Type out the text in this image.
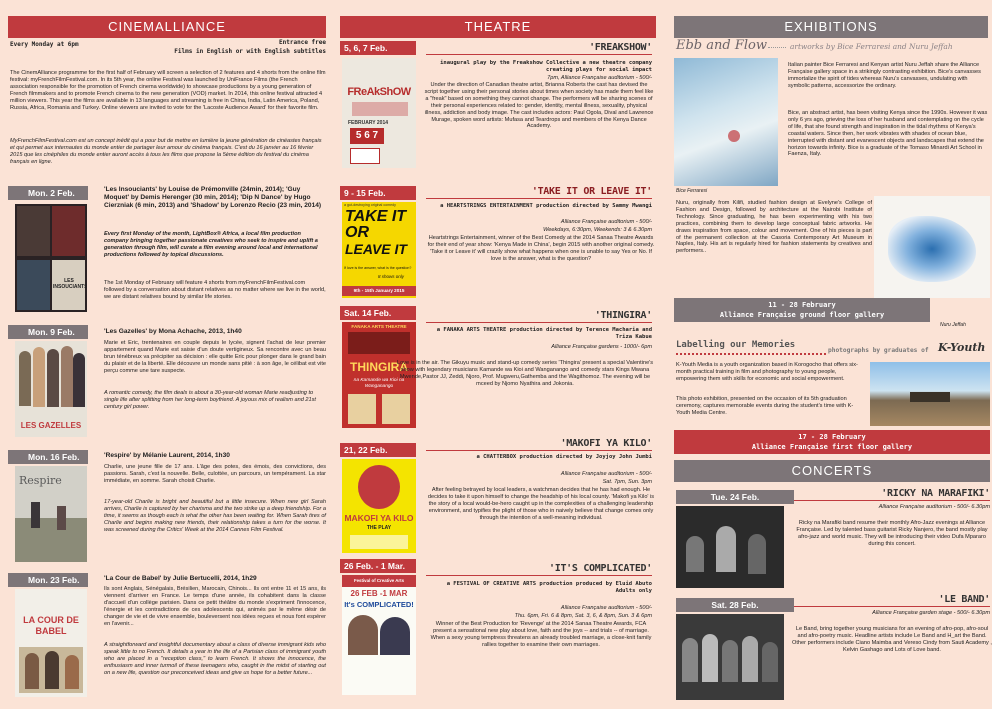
CINEMALLIANCE
Every Monday at 6pm	Entrance free
Films in English or with English subtitles
The CinemAlliance programme for the first half of February will screen a selection of 2 features and 4 shorts from the online film festival: myFrenchFilmFestival.com. In its 5th year, the online Festival was launched by UniFrance Films (the French association responsible for the promotion of French cinema worldwide) to showcase productions by a young generation of French filmmakers and to promote French cinema to the new generation (VOD) market. In 2014, this online festival attracted 4 million viewers. This year the films are available in 13 languages and streaming is free in China, India, Latin America, Poland, Russia, Africa, Romania and Turkey. Online viewers are invited to vote for the 'Lacoste Audience Award' for their favorite film.
MyFrenchFilmFestival.com est un concept inédit qui a pour but de mettre en lumière la jeune génération de cinéastes français et qui permet aux internautes du monde entier de partager leur amour du cinéma français. C'est du 16 janvier au 16 février 2015 que les cinéphiles du monde entier auront accès à tous les films que propose la 5ème édition du festival du cinéma français en ligne.
Mon. 2 Feb.
LES INSOUCIANTS
'Les Insouciants' by Louise de Prémonville (24min, 2014); 'Guy Moquet' by Demis Herenger (30 min, 2014); 'Dip N Dance' by Hugo Cierzniak (6 min, 2013) and 'Shadow' by Lorenzo Recio (23 min, 2014)
Every first Monday of the month, LightBox® Africa, a local film production company bringing together passionate creatives who seek to inspire and uplift a generation through film, will curate a film evening around local and international productions followed by topical discussions.
The 1st Monday of February will feature 4 shorts from myFrenchFilmFestival.com followed by a conversation about distant relatives as no matter where we live in the world, we are distant relatives bound by similar life stories.
Mon. 9 Feb.
LES GAZELLES
'Les Gazelles' by Mona Achache, 2013, 1h40
Marie et Eric, trentenaires en couple depuis le lycée, signent l'achat de leur premier appartement quand Marie est saisie d'un doute vertigineux. Sa rencontre avec un beau brun ténébreux va précipiter sa décision : elle quitte Eric pour plonger dans le grand bain du plaisir et de la liberté. Elle découvre un monde sans pitié : à son âge, le célibat est vite perçu comme une tare suspecte.
A romantic comedy, the film deals is about a 30-year-old woman Marie readjusting to single life after splitting from her long-term boyfriend. A joyous mix of realism and 21st century girl power.
Mon. 16 Feb.
Respire
'Respire' by Mélanie Laurent, 2014, 1h30
Charlie, une jeune fille de 17 ans. L'âge des potes, des émois, des convictions, des passions. Sarah, c'est la nouvelle. Belle, culottée, un parcours, un tempérament. La star immédiate, en somme. Sarah choisit Charlie.
17-year-old Charlie is bright and beautiful but a little insecure. When new girl Sarah arrives, Charlie is captured by her charisma and the two strike up a deep friendship. For a time, it seems as though each is what the other has been waiting for. When Sarah tires of Charlie and begins making new friends, their relationship takes a turn for the worse. It was screened during the Critics' Week at the 2014 Cannes Film Festival.
Mon. 23 Feb.
LA COUR DE BABEL
'La Cour de Babel' by Julie Bertucelli, 2014, 1h29
Ils sont Anglais, Sénégalais, Brésilien, Marocain, Chinois... Ils ont entre 11 et 15 ans, ils viennent d'arriver en France. Le temps d'une année, ils cohabitent dans la classe d'accueil d'un collège parisien. Dans ce petit théâtre du monde s'expriment l'innocence, l'énergie et les contradictions de ces adolescents qui, animés par le même désir de changer de vie et de vivre ensemble, bouleversent nos idées reçues et nous font espérer en l'avenir...
A straightforward and insightful documentary about a class of diverse immigrant kids who speak little to no French. It details a year in the life of a Parisian class of immigrant youth who are placed in a "reception class," to learn French. It shows the innocence, the enthusiasm and inner turmoil of these teenagers who, caught in the midst of starting out on a new life, question our preconceived ideas and give us hope for a better future...
THEATRE
5, 6, 7 Feb.
FReAkShOW
FEBRUARY 2014
5 6 7
'FREAKSHOW'
inaugural play by the Freakshow Collective a new theatre company creating plays for social impact
7pm, Alliance Française auditorium - 500/-
Under the direction of Canadian theatre artist, Brianna Roberts the cast has devised the script together using their personal stories about times when society has made them feel like a "freak" based on something they cannot change. The performers will be sharing scenes of their personal experiences related to: gender, identity, mental illness, sexuality, physical illness, addiction and body image. The cast includes actors: Paul Ogola, Dival and Lawrence Murage, spoken word artists: Mufasa and Teardrops and members of the Kenya Dance Academy.
9 - 15 Feb.
a gut-destroying original comedy
TAKE IT
OR
LEAVE IT
If love is the answer, what is the question?
8 shows only
9th - 15th January 2015
'TAKE IT OR LEAVE IT'
a HEARTSTRINGS ENTERTAINMENT production directed by Sammy Mwangi
Alliance Française auditorium - 500/-
Weekdays, 6:30pm, Weekends: 3 & 6.30pm
Heartstrings Entertainment, winner of the Best Comedy at the 2014 Sanaa Theatre Awards for their end of year show: 'Kenya Made in China', begin 2015 with another original comedy. 'Take it or Leave it' will crazily show what happens when one is unable to say Yes or No. If love is the answer, what is the question?
Sat. 14 Feb.
FANAKA ARTS THEATRE
THINGIRA
na Kamande wa Kioi na Wanganango
'THINGIRA'
a FANAKA ARTS THEATRE production directed by Terence Macharia and Triza Kabue
Alliance Française gardens - 1000/- 6pm
Love is in the air. The Gikuyu music and stand-up comedy series 'Thingira' present a special Valentine's show with legendary musicians Kamande wa Kioi and Wanganango and comedy stars Kings Mwana Mwende,Pastor JJ, Zeddi, Njoro, Prof. Mugweru,Gathemba and the Wagithomoz. The evening will be mceed by Njomo Nyathira and Jokonia.
21, 22 Feb.
MAKOFI YA KILO
THE PLAY
'MAKOFI YA KILO'
a CHATTERBOX production directed by Joyjoy John Jumbi
Alliance Française auditorium - 500/-
Sat. 7pm, Sun. 3pm
After feeling betrayed by local leaders, a watchman decides that he has had enough. He decides to take it upon himself to change the headship of his local county. 'Makofi ya Kilo' is the story of a local would-be-hero caught up in the complexities of a challenging leadership environment, and typifies the plight of those who in naively believe that change comes only through the intention of a well-meaning individual.
26 Feb. - 1 Mar.
Festival of Creative Arts
26 FEB -1 MAR
It's COMPLICATED!
'IT'S COMPLICATED'
a FESTIVAL OF CREATIVE ARTS production produced by Eluid Abuto Adults only
Alliance Française auditorium - 500/-
Thu. 6pm, Fri. 6 & 8pm, Sat. 3, 6, & 8pm, Sun. 3 & 6pm
Winner of the Best Production for 'Revenge' at the 2014 Sanaa Theatre Awards, FCA present a sensational new play about love, faith and the joys -- and trials -- of marriage. When a sexy young temptress threatens an already troubled marriage, a close-knit family rallies together to examine their own marriages.
EXHIBITIONS
Ebb and Flow	artworks by Bice Ferraresi and Nuru Jeffah
Bice Ferraresi
Italian painter Bice Ferraresi and Kenyan artist Nuru Jeffah share the Alliance Française gallery space in a strikingly contrasting exhibition. Bice's canvasses immortalize the spirit of tides whereas Nuru's canvasses, undulating with symbolic patterns, accessorize the ordinary.
Bice, an abstract artist, has been visiting Kenya since the 1990s. However it was only 6 yrs ago, grieving the loss of her husband and contemplating on the cycle of life, that she found strength and inspiration in the tidal rhythms of Kenya's coastal waters. Since then, her work vibrates with shades of ocean blue, interrupted with distant and evanescent objects and landscapes that extend the horizon towards infinity. Bice is a graduate of the Tomaso Minardi Art School in Faenza, Italy.
Nuru, originally from Kilifi, studied fashion design at Evelyne's College of Fashion and Design, followed by architecture at the Nairobi Institute of Technology. Since graduating, he has been experimenting with his two practices, combining them to develop large conceptual fabric artworks. He draws inspiration from space, colour and movement. One of his pieces is part of the permanent collection at the Casoria Contemporary Art Museum in Naples, Italy. His art is regularly hired for fashion statements by creatives and performers..
Nuru Jeffah
11 - 28 February
Alliance Française ground floor gallery
Labelling our Memories
photographs by graduates of K-Youth
K-Youth Media is a youth organization based in Korogocho that offers six-month practical training in film and photography to young people, empowering them with skills for economic and social empowerment.
This photo exhibition, presented on the occasion of its 5th graduation ceremony, captures memorable events during the student's time with K-Youth Media Centre.
17 - 28 February
Alliance Française first floor gallery
CONCERTS
Tue. 24 Feb.	'RICKY NA MARAFIKI'
Alliance Française auditorium - 500/- 6.30pm
Ricky na Marafiki band resume their monthly Afro-Jazz evenings at Alliance Française. Led by talented bass guitarist Ricky Nanjero, the band mostly play afro-jazz and world music. They will be introducing their video Dufa Mpararo during this concert.
Sat. 28 Feb.	'LE BAND'
Alliance Française garden stage - 500/- 6.30pm
Le Band, bring together young musicians for an evening of afro-pop, afro-soul and afro-poetry music. Headline artists include Le Band and H_art the Band. Other performers include Ciano Maimba and Vereso Cindy from Sauti Academy , Kelvin Gashago and Lots of Love band.
